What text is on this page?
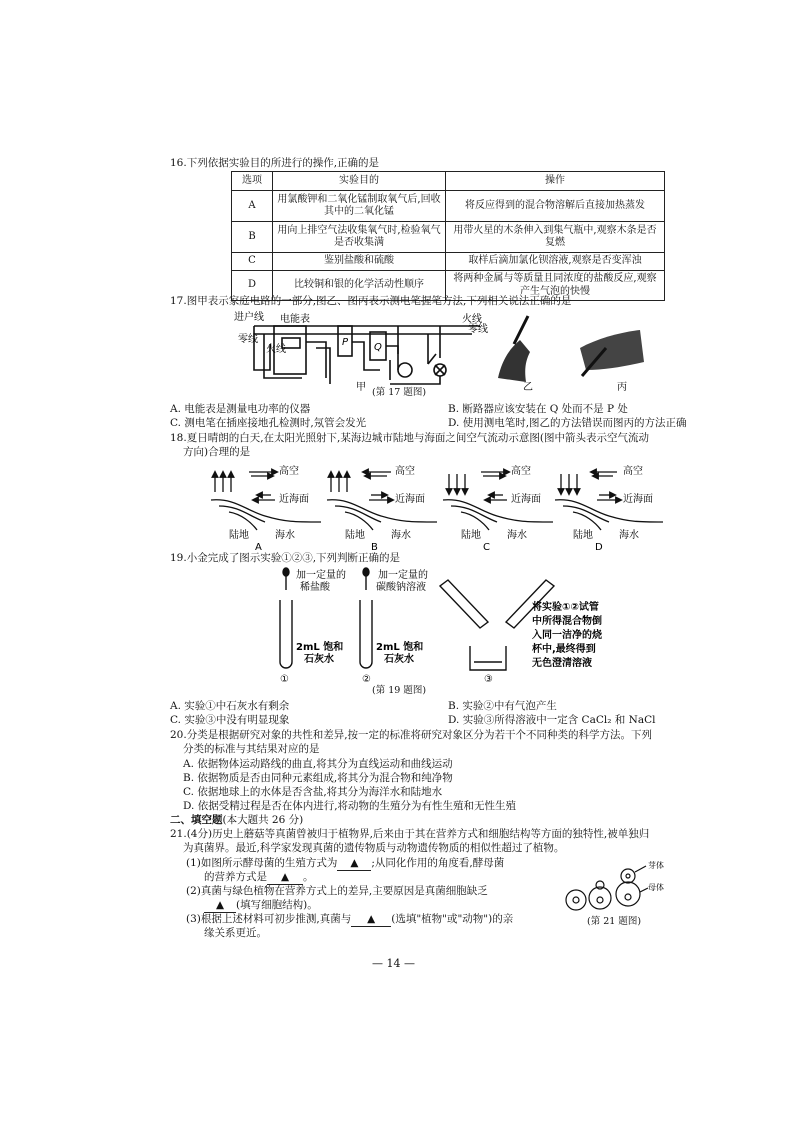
16.下列依据实验目的所进行的操作,正确的是
选项	实验目的	操作
A	用氯酸钾和二氧化锰制取氧气后,回收其中的二氧化锰	将反应得到的混合物溶解后直接加热蒸发
B	用向上排空气法收集氧气时,检验氧气是否收集满	用带火星的木条伸入到集气瓶中,观察木条是否复燃
C	鉴别盐酸和硫酸	取样后滴加氯化钡溶液,观察是否变浑浊
D	比较铜和银的化学活动性顺序	将两种金属与等质量且同浓度的盐酸反应,观察产生气泡的快慢
17.图甲表示家庭电路的一部分,图乙、图丙表示测电笔握笔方法,下列相关说法正确的是
进户线 电能表
零线
火线
火线
零线
P	Q
甲	乙	丙
(第 17 题图)
A. 电能表是测量电功率的仪器	B. 断路器应该安装在 Q 处而不是 P 处
C. 测电笔在插座接地孔检测时,氖管会发光	D. 使用测电笔时,图乙的方法错误而图丙的方法正确
18.夏日晴朗的白天,在太阳光照射下,某海边城市陆地与海面之间空气流动示意图(图中箭头表示空气流动
方向)合理的是
高空
近海面
陆地	海水
高空
近海面
陆地	海水
高空
近海面
陆地	海水
高空
近海面
陆地	海水
A	B	C	D
19.小金完成了图示实验①②③,下列判断正确的是
加一定量的
稀盐酸
加一定量的
碳酸钠溶液
2mL 饱和
石灰水
2mL 饱和
石灰水
将实验①②试管
中所得混合物倒
入同一洁净的烧
杯中,最终得到
无色澄清溶液
①	②	③
(第 19 题图)
A. 实验①中石灰水有剩余	B. 实验②中有气泡产生
C. 实验③中没有明显现象	D. 实验③所得溶液中一定含 CaCl₂ 和 NaCl
20.分类是根据研究对象的共性和差异,按一定的标准将研究对象区分为若干个不同种类的科学方法。下列
分类的标准与其结果对应的是
A. 依据物体运动路线的曲直,将其分为直线运动和曲线运动
B. 依据物质是否由同种元素组成,将其分为混合物和纯净物
C. 依据地球上的水体是否含盐,将其分为海洋水和陆地水
D. 依据受精过程是否在体内进行,将动物的生殖分为有性生殖和无性生殖
二、填空题(本大题共 26 分)
21.(4分)历史上蘑菇等真菌曾被归于植物界,后来由于其在营养方式和细胞结构等方面的独特性,被单独归
为真菌界。最近,科学家发现真菌的遗传物质与动物遗传物质的相似性超过了植物。
(1)如图所示酵母菌的生殖方式为 ▲ ;从同化作用的角度看,酵母菌
的营养方式是 ▲ 。
(2)真菌与绿色植物在营养方式上的差异,主要原因是真菌细胞缺乏
▲ (填写细胞结构)。
(3)根据上述材料可初步推测,真菌与 ▲ (选填"植物"或"动物")的亲
缘关系更近。
芽体
母体
(第 21 题图)
— 14 —
